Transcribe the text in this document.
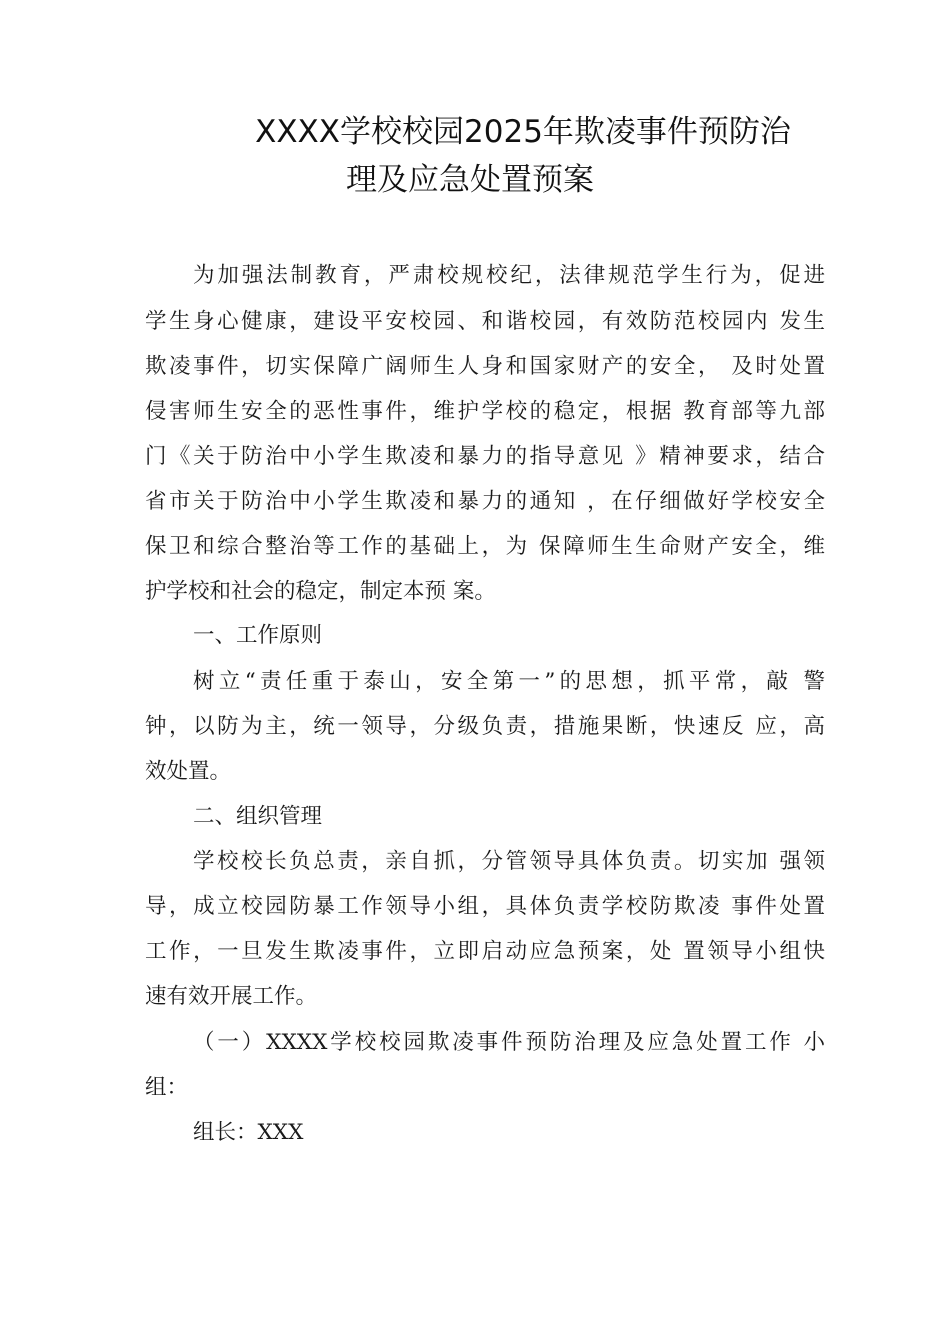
XXXX学校校园2025年欺凌事件预防治
理及应急处置预案
为加强法制教育，严肃校规校纪，法律规范学生行为，促进
学生身心健康，建设平安校园、和谐校园，有效防范校园内 发生
欺凌事件，切实保障广阔师生人身和国家财产的安全， 及时处置
侵害师生安全的恶性事件，维护学校的稳定，根据 教育部等九部
门《关于防治中小学生欺凌和暴力的指导意见 》精神要求，结合
省市关于防治中小学生欺凌和暴力的通知 ，在仔细做好学校安全
保卫和综合整治等工作的基础上，为 保障师生生命财产安全，维
护学校和社会的稳定，制定本预 案。
一、工作原则
树立“责任重于泰山，安全第一”的思想，抓平常，敲 警
钟，以防为主，统一领导，分级负责，措施果断，快速反 应，高
效处置。
二、组织管理
学校校长负总责，亲自抓，分管领导具体负责。切实加 强领
导，成立校园防暴工作领导小组，具体负责学校防欺凌 事件处置
工作，一旦发生欺凌事件，立即启动应急预案，处 置领导小组快
速有效开展工作。
（一）XXXX学校校园欺凌事件预防治理及应急处置工作 小
组：
组长：XXX
